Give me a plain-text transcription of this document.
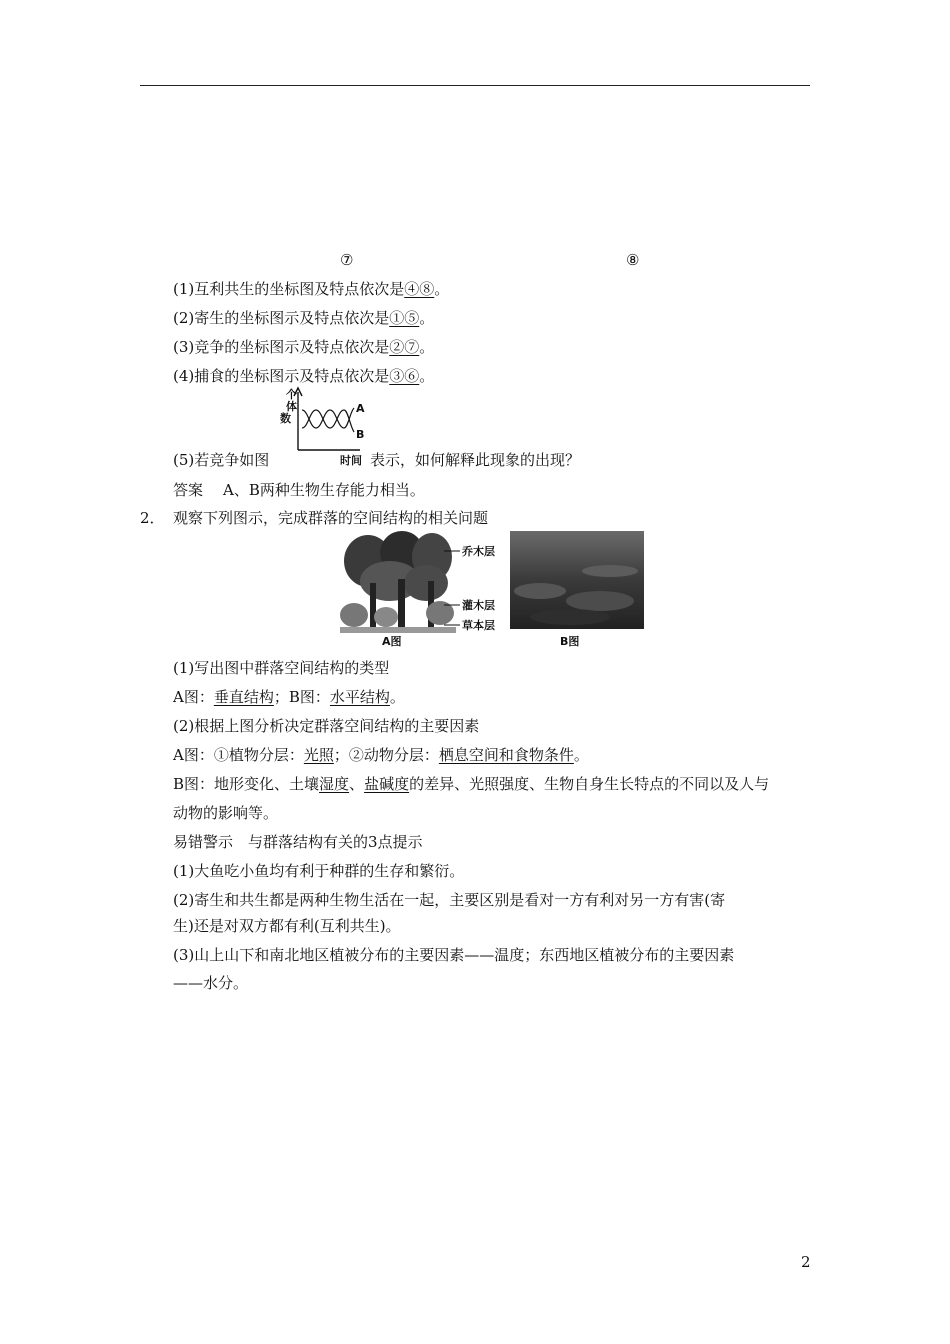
⑦	⑧
(1)互利共生的坐标图及特点依次是④⑧。
(2)寄生的坐标图示及特点依次是①⑤。
(3)竞争的坐标图示及特点依次是②⑦。
(4)捕食的坐标图示及特点依次是③⑥。
个
体
数
A
B
时间
(5)若竞争如图	表示，如何解释此现象的出现？
答案 A、B两种生物生存能力相当。
2． 观察下列图示，完成群落的空间结构的相关问题
乔木层
灌木层
草本层
A图	B图
(1)写出图中群落空间结构的类型
A图：垂直结构；B图：水平结构。
(2)根据上图分析决定群落空间结构的主要因素
A图：①植物分层：光照；②动物分层：栖息空间和食物条件。
B图：地形变化、土壤湿度、盐碱度的差异、光照强度、生物自身生长特点的不同以及人与
动物的影响等。
易错警示　与群落结构有关的3点提示
(1)大鱼吃小鱼均有利于种群的生存和繁衍。
(2)寄生和共生都是两种生物生活在一起，主要区别是看对一方有利对另一方有害(寄
生)还是对双方都有利(互利共生)。
(3)山上山下和南北地区植被分布的主要因素——温度；东西地区植被分布的主要因素
——水分。
2
